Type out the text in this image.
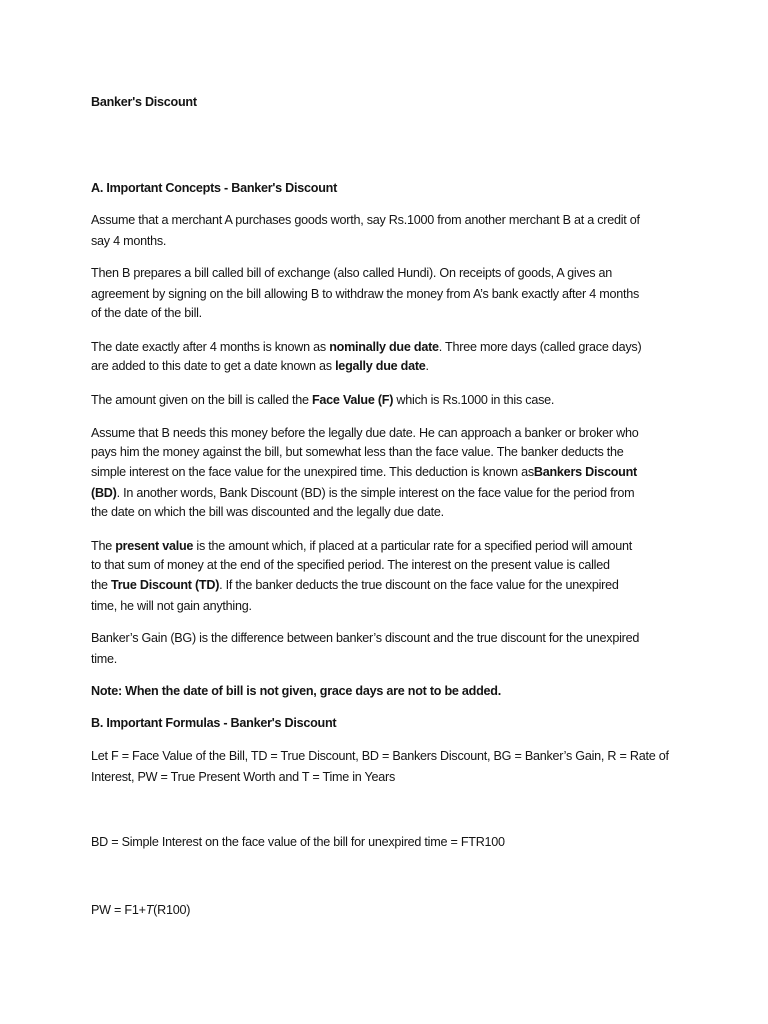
Banker's Discount

A. Important Concepts - Banker's Discount

Assume that a merchant A purchases goods worth, say Rs.1000 from another merchant B at a credit of

say 4 months.

Then B prepares a bill called bill of exchange (also called Hundi). On receipts of goods, A gives an

agreement by signing on the bill allowing B to withdraw the money from A’s bank exactly after 4 months

of the date of the bill.

The date exactly after 4 months is known as nominally due date. Three more days (called grace days)

are added to this date to get a date known as legally due date.

The amount given on the bill is called the Face Value (F) which is Rs.1000 in this case.

Assume that B needs this money before the legally due date. He can approach a banker or broker who

pays him the money against the bill, but somewhat less than the face value. The banker deducts the

simple interest on the face value for the unexpired time. This deduction is known asBankers Discount

(BD). In another words, Bank Discount (BD) is the simple interest on the face value for the period from

the date on which the bill was discounted and the legally due date.

The present value is the amount which, if placed at a particular rate for a specified period will amount

to that sum of money at the end of the specified period. The interest on the present value is called

the True Discount (TD). If the banker deducts the true discount on the face value for the unexpired

time, he will not gain anything.

Banker’s Gain (BG) is the difference between banker’s discount and the true discount for the unexpired

time.

Note: When the date of bill is not given, grace days are not to be added.

B. Important Formulas - Banker's Discount

Let F = Face Value of the Bill, TD = True Discount, BD = Bankers Discount, BG = Banker’s Gain, R = Rate of

Interest, PW = True Present Worth and T = Time in Years

BD = Simple Interest on the face value of the bill for unexpired time = FTR100

PW = F1+T(R100)
